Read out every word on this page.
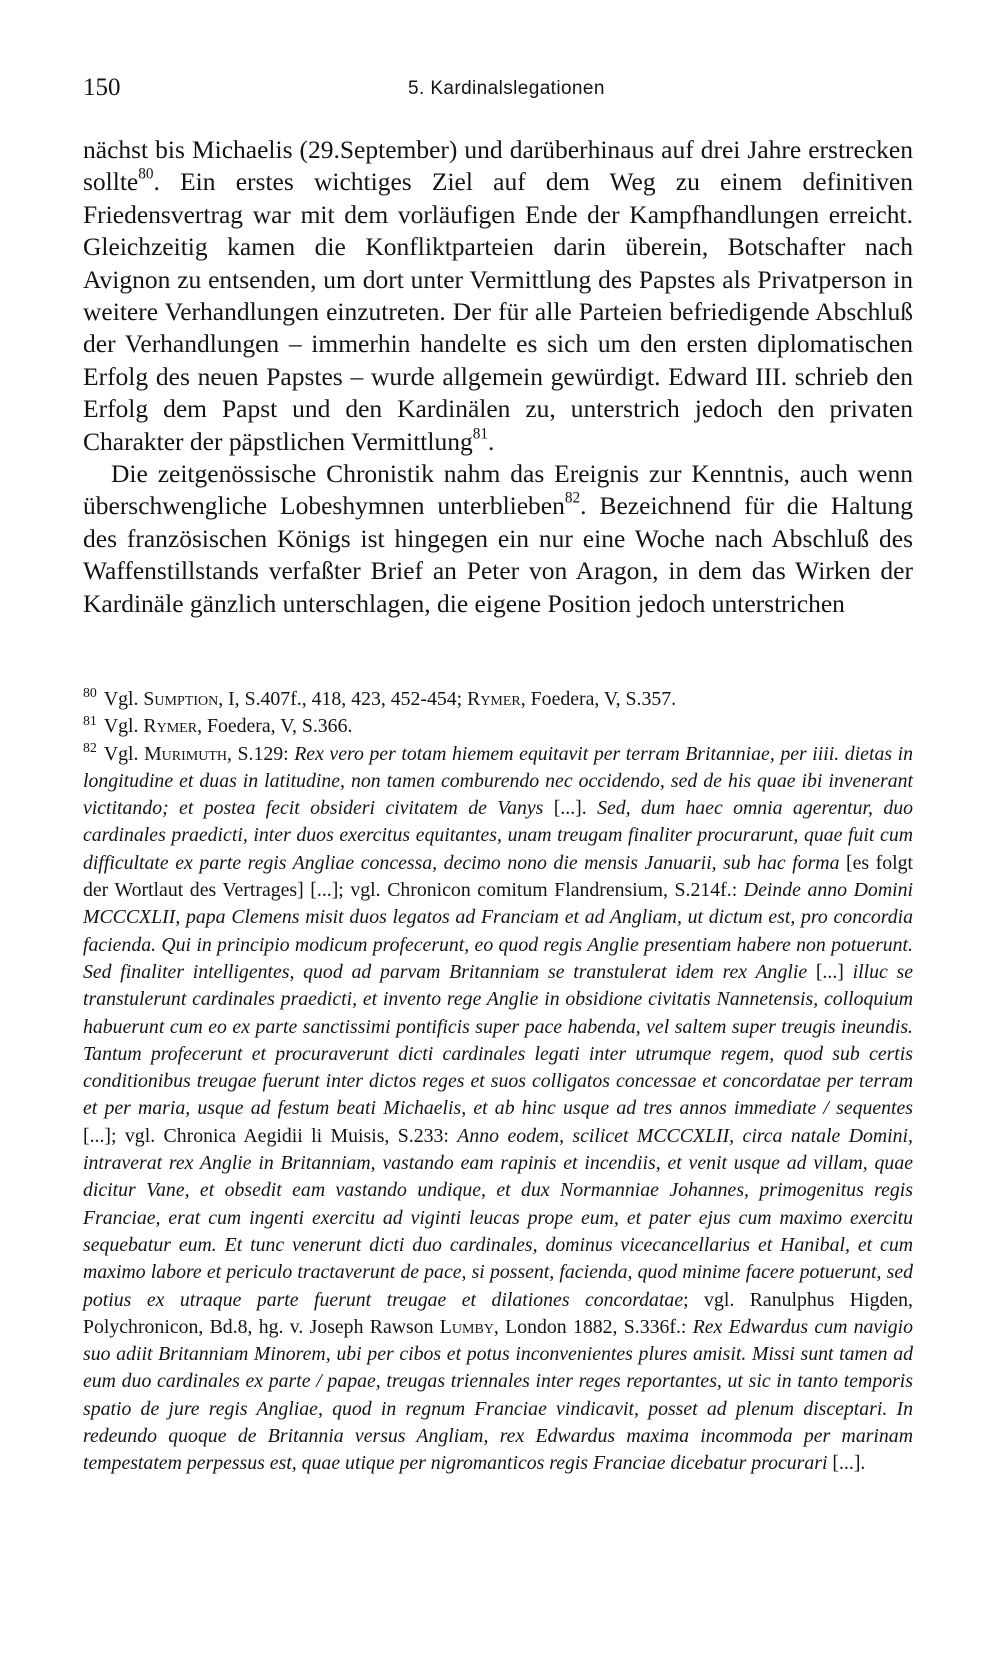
150	5. Kardinalslegationen

nächst bis Michaelis (29.September) und darüberhinaus auf drei Jahre erstrecken sollte$^{80}$. Ein erstes wichtiges Ziel auf dem Weg zu einem definitiven Friedensvertrag war mit dem vorläufigen Ende der Kampfhandlungen erreicht. Gleichzeitig kamen die Konfliktparteien darin überein, Botschafter nach Avignon zu entsenden, um dort unter Vermittlung des Papstes als Privatperson in weitere Verhandlungen einzutreten. Der für alle Parteien befriedigende Abschluß der Verhandlungen – immerhin handelte es sich um den ersten diplomatischen Erfolg des neuen Papstes – wurde allgemein gewürdigt. Edward III. schrieb den Erfolg dem Papst und den Kardinälen zu, unterstrich jedoch den privaten Charakter der päpstlichen Vermittlung$^{81}$.

Die zeitgenössische Chronistik nahm das Ereignis zur Kenntnis, auch wenn überschwengliche Lobeshymnen unterblieben$^{82}$. Bezeichnend für die Haltung des französischen Königs ist hingegen ein nur eine Woche nach Abschluß des Waffenstillstands verfaßter Brief an Peter von Aragon, in dem das Wirken der Kardinäle gänzlich unterschlagen, die eigene Position jedoch unterstrichen

$^{80}$ Vgl. Sumption, I, S.407f., 418, 423, 452-454; Rymer, Foedera, V, S.357.

$^{81}$ Vgl. Rymer, Foedera, V, S.366.

$^{82}$ Vgl. Murimuth, S.129: Rex vero per totam hiemem equitavit per terram Britanniae, per iiii. dietas in longitudine et duas in latitudine, non tamen comburendo nec occidendo, sed de his quae ibi invenerant victitando; et postea fecit obsideri civitatem de Vanys [...]. Sed, dum haec omnia agerentur, duo cardinales praedicti, inter duos exercitus equitantes, unam treugam finaliter procurarunt, quae fuit cum difficultate ex parte regis Angliae concessa, decimo nono die mensis Januarii, sub hac forma [es folgt der Wortlaut des Vertrages] [...]; vgl. Chronicon comitum Flandrensium, S.214f.: Deinde anno Domini MCCCXLII, papa Clemens misit duos legatos ad Franciam et ad Angliam, ut dictum est, pro concordia facienda. Qui in principio modicum profecerunt, eo quod regis Anglie presentiam habere non potuerunt. Sed finaliter intelligentes, quod ad parvam Britanniam se transtulerat idem rex Anglie [...] illuc se transtulerunt cardinales praedicti, et invento rege Anglie in obsidione civitatis Nannetensis, colloquium habuerunt cum eo ex parte sanctissimi pontificis super pace habenda, vel saltem super treugis ineundis. Tantum profecerunt et procuraverunt dicti cardinales legati inter utrumque regem, quod sub certis conditionibus treugae fuerunt inter dictos reges et suos colligatos concessae et concordatae per terram et per maria, usque ad festum beati Michaelis, et ab hinc usque ad tres annos immediate / sequentes [...]; vgl. Chronica Aegidii li Muisis, S.233: Anno eodem, scilicet MCCCXLII, circa natale Domini, intraverat rex Anglie in Britanniam, vastando eam rapinis et incendiis, et venit usque ad villam, quae dicitur Vane, et obsedit eam vastando undique, et dux Normanniae Johannes, primogenitus regis Franciae, erat cum ingenti exercitu ad viginti leucas prope eum, et pater ejus cum maximo exercitu sequebatur eum. Et tunc venerunt dicti duo cardinales, dominus vicecancellarius et Hanibal, et cum maximo labore et periculo tractaverunt de pace, si possent, facienda, quod minime facere potuerunt, sed potius ex utraque parte fuerunt treugae et dilationes concordatae; vgl. Ranulphus Higden, Polychronicon, Bd.8, hg. v. Joseph Rawson Lumby, London 1882, S.336f.: Rex Edwardus cum navigio suo adiit Britanniam Minorem, ubi per cibos et potus inconvenientes plures amisit. Missi sunt tamen ad eum duo cardinales ex parte / papae, treugas triennales inter reges reportantes, ut sic in tanto temporis spatio de jure regis Angliae, quod in regnum Franciae vindicavit, posset ad plenum disceptari. In redeundo quoque de Britannia versus Angliam, rex Edwardus maxima incommoda per marinam tempestatem perpessus est, quae utique per nigromanticos regis Franciae dicebatur procurari [...].
